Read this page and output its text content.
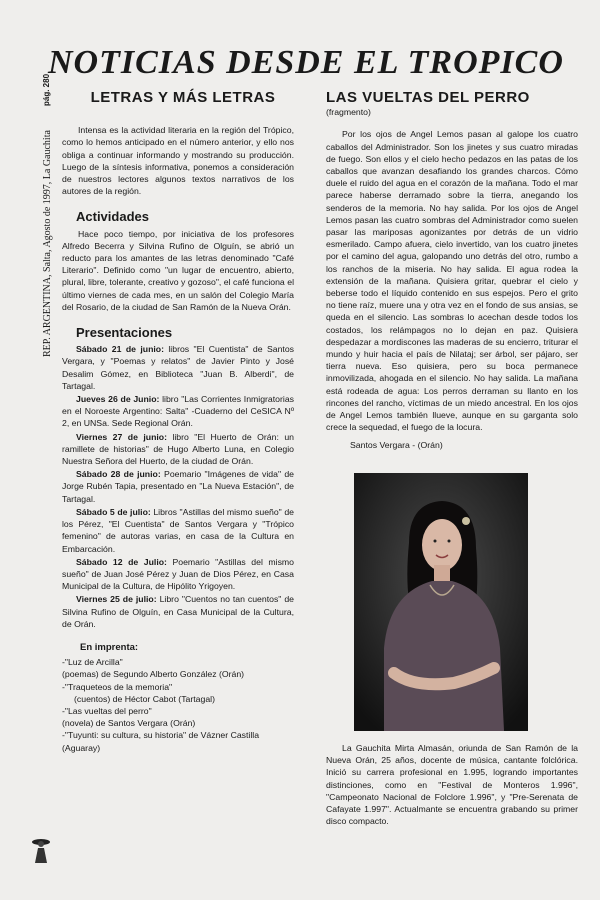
NOTICIAS DESDE EL TROPICO
pág. 280
REP. ARGENTINA, Salta, Agosto de 1997, La Gauchita
LETRAS Y MÁS LETRAS

Intensa es la actividad literaria en la región del Trópico, como lo hemos anticipado en el número anterior, y ello nos obliga a continuar informando y mostrando su producción. Luego de la síntesis informativa, ponemos a consideración de nuestros lectores algunos textos narrativos de los autores de la región.

Actividades

Hace poco tiempo, por iniciativa de los profesores Alfredo Becerra y Silvina Rufino de Olguín, se abrió un reducto para los amantes de las letras denominado "Café Literario". Definido como "un lugar de encuentro, abierto, plural, libre, tolerante, creativo y gozoso", el café funciona el último viernes de cada mes, en un salón del Colegio María del Rosario, de la ciudad de San Ramón de la Nueva Orán.

Presentaciones

Sábado 21 de junio: libros "El Cuentista" de Santos Vergara, y "Poemas y relatos" de Javier Pinto y José Desalim Gómez, en Biblioteca "Juan B. Alberdi", de Tartagal.

Jueves 26 de Junio: libro "Las Corrientes Inmigratorias en el Noroeste Argentino: Salta" -Cuaderno del CeSICA Nº 2, en UNSa. Sede Regional Orán.

Viernes 27 de junio: libro "El Huerto de Orán: un ramillete de historias" de Hugo Alberto Luna, en Colegio Nuestra Señora del Huerto, de la ciudad de Orán.

Sábado 28 de junio: Poemario "Imágenes de vida" de Jorge Rubén Tapia, presentado en "La Nueva Estación", de Tartagal.

Sábado 5 de julio: Libros "Astillas del mismo sueño" de los Pérez, "El Cuentista" de Santos Vergara y "Trópico femenino" de autoras varias, en casa de la Cultura en Embarcación.

Sábado 12 de Julio: Poemario "Astillas del mismo sueño" de Juan José Pérez y Juan de Dios Pérez, en Casa Municipal de la Cultura, de Hipólito Yrigoyen.

Viernes 25 de julio: Libro "Cuentos no tan cuentos" de Silvina Rufino de Olguín, en Casa Municipal de la Cultura, de Orán.

En imprenta:

-"Luz de Arcilla"

(poemas) de Segundo Alberto González (Orán)

-"Traqueteos de la memoria"

(cuentos) de Héctor Cabot (Tartagal)

-"Las vueltas del perro"

(novela) de Santos Vergara (Orán)

-"Tuyunti: su cultura, su historia" de Vázner Castilla

(Aguaray)

LAS VUELTAS DEL PERRO
(fragmento)

Por los ojos de Angel Lemos pasan al galope los cuatro caballos del Administrador. Son los jinetes y sus cuatro miradas de fuego. Son ellos y el cielo hecho pedazos en las patas de los caballos que avanzan desafiando los grandes charcos. Cómo duele el ruido del agua en el corazón de la mañana. Todo el mar parece haberse derramado sobre la tierra, anegando los senderos de la memoria. No hay salida. Por los ojos de Angel Lemos pasan las cuatro sombras del Administrador como suelen pasar las mariposas agonizantes por detrás de un vidrio esmerilado. Campo afuera, cielo invertido, van los cuatro jinetes por el camino del agua, galopando uno detrás del otro, rumbo a los ranchos de la miseria. No hay salida. El agua rodea la extensión de la mañana. Quisiera gritar, quebrar el cielo y beberse todo el líquido contenido en sus espejos. Pero el grito no tiene raíz, muere una y otra vez en el fondo de sus ansias, se queda en el silencio. Las sombras lo acechan desde todos los costados, los relámpagos no lo dejan en paz. Quisiera despedazar a mordiscones las maderas de su encierro, triturar el mundo y huir hacia el país de Nilataj; ser árbol, ser pájaro, ser tierra nueva. Eso quisiera, pero su boca permanece inmovilizada, ahogada en el silencio. No hay salida. La mañana está rodeada de agua: Los perros derraman su llanto en los rincones del rancho, víctimas de un miedo ancestral. En los ojos de Angel Lemos también llueve, aunque en su garganta solo crece la sequedad, el fuego de la locura.

Santos Vergara - (Orán)

La Gauchita Mirta Almasán, oriunda de San Ramón de la Nueva Orán, 25 años, docente de música, cantante folclórica. Inició su carrera profesional en 1.995, logrando importantes distinciones, como en "Festival de Monteros 1.996", "Campeonato Nacional de Folclore 1.996", y "Pre-Serenata de Cafayate 1.997". Actualmante se encuentra grabando su primer disco compacto.
